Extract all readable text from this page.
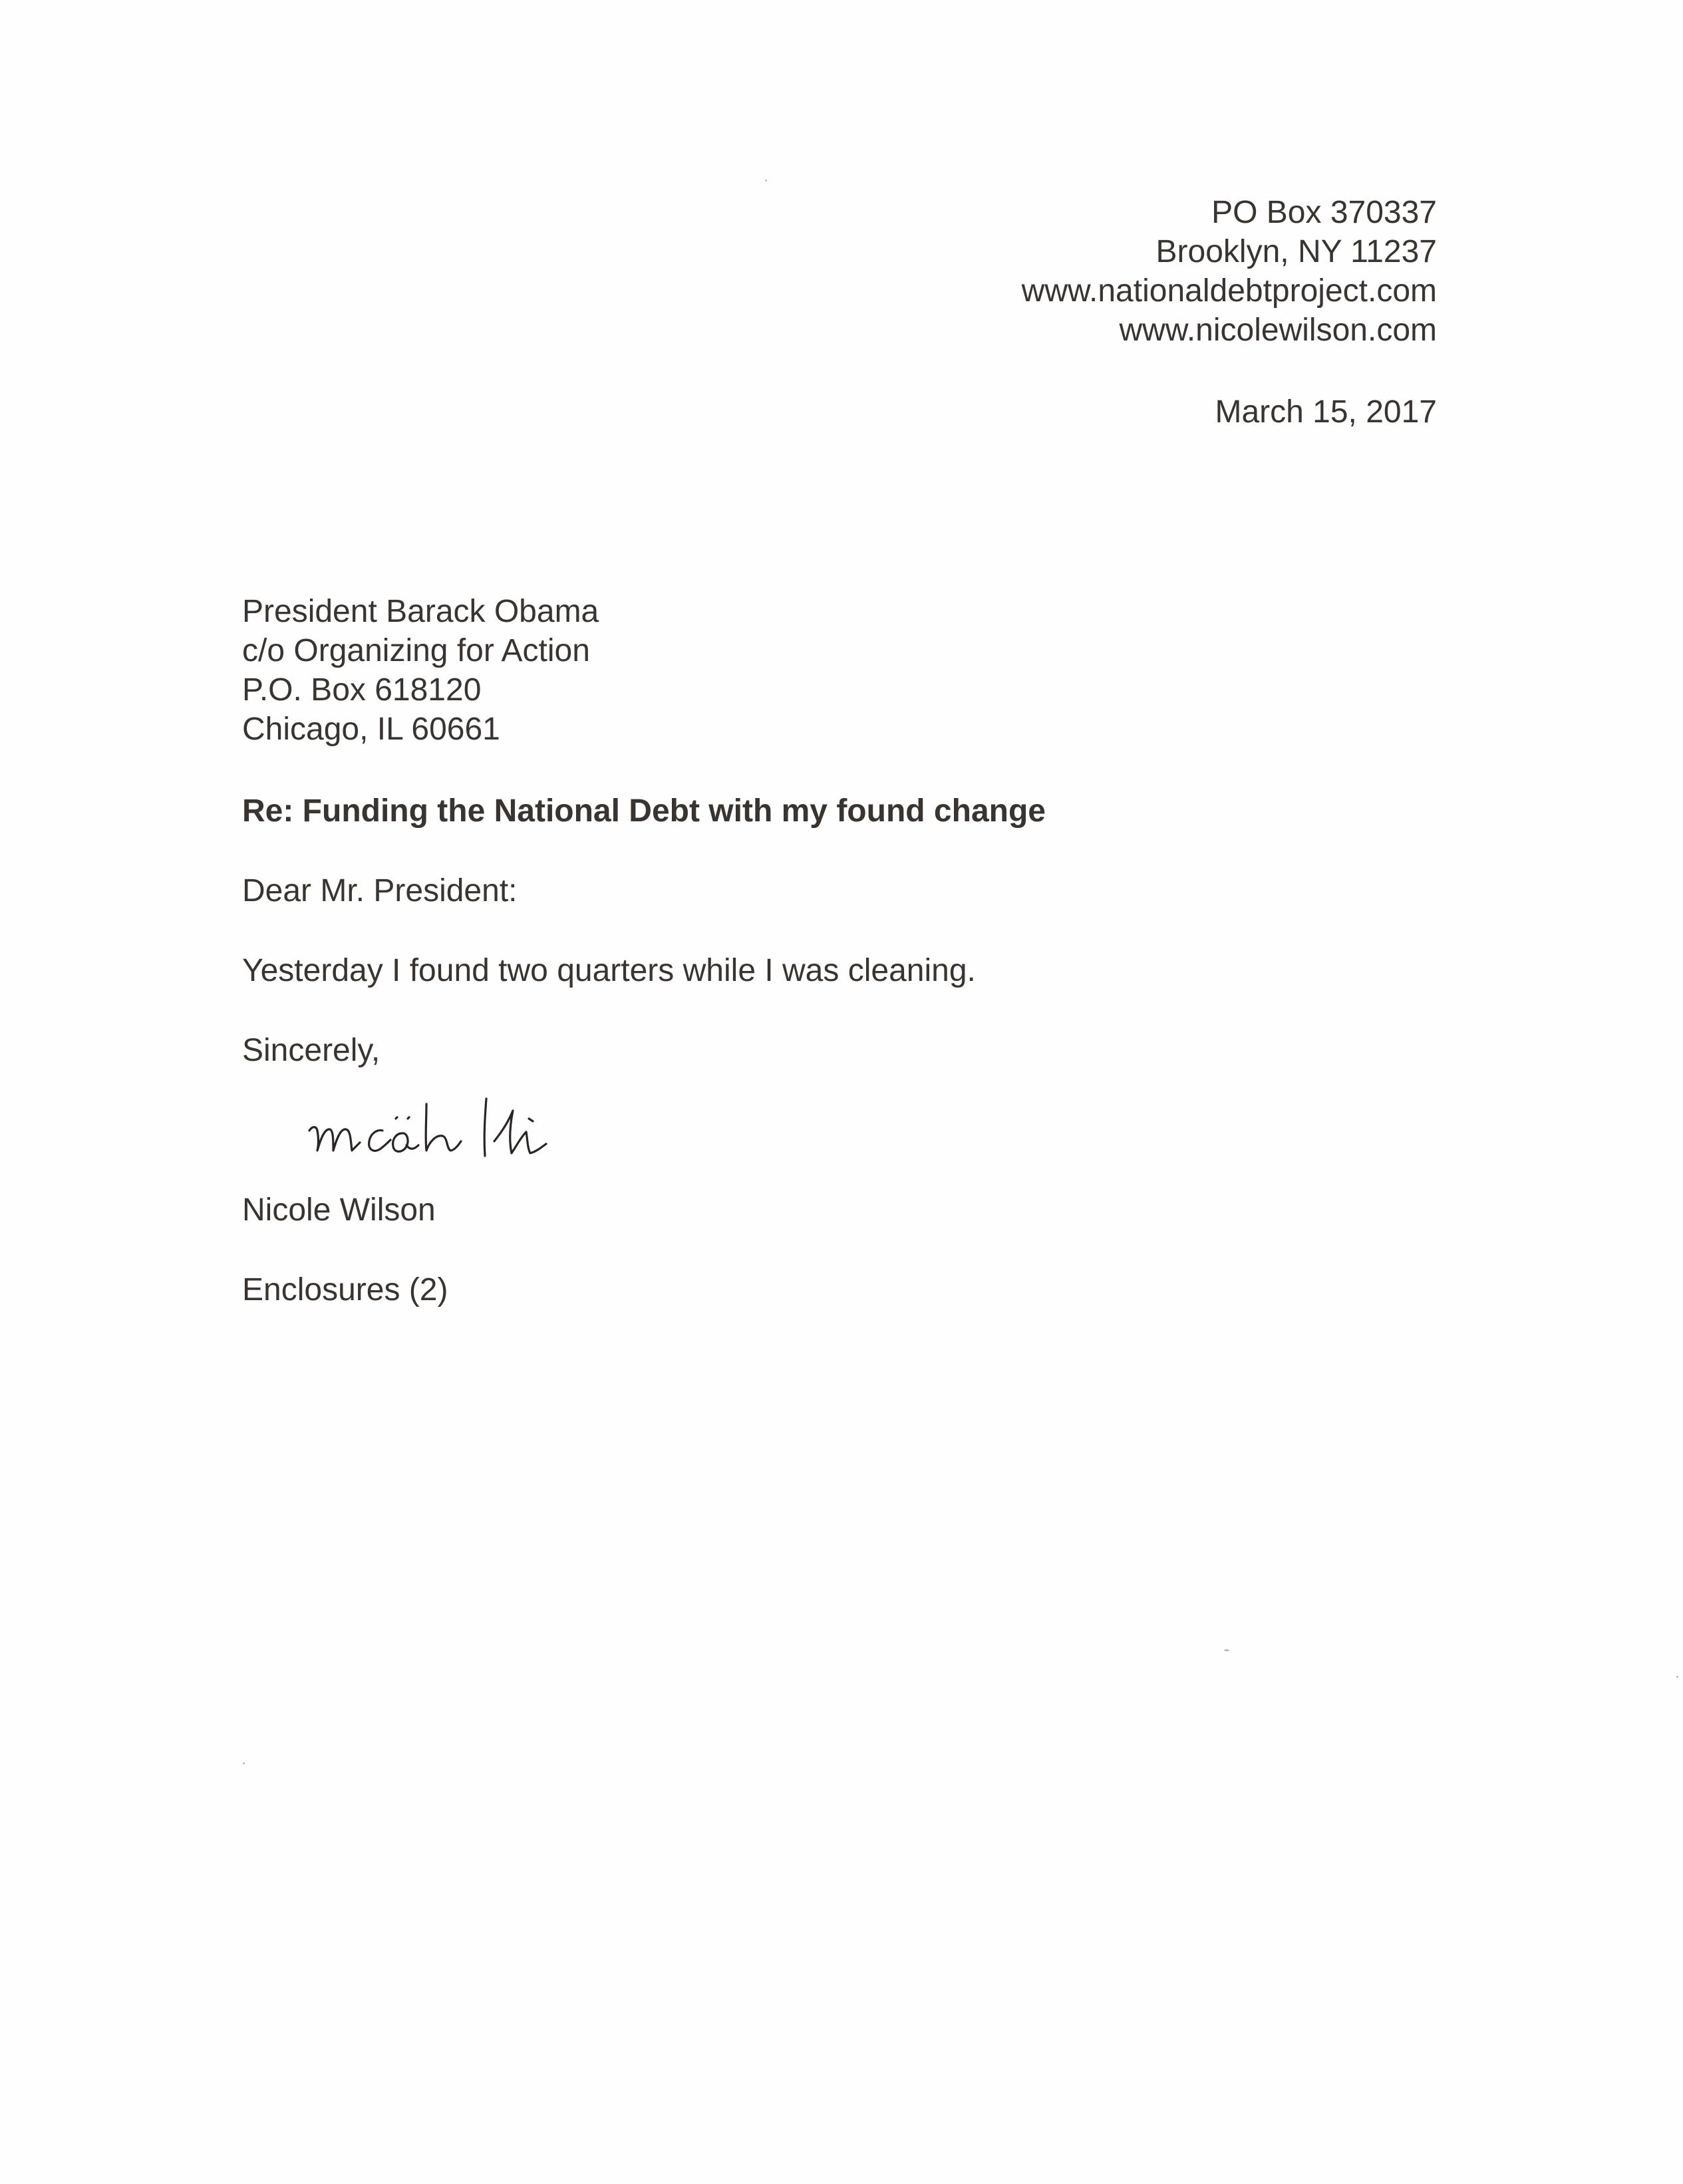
PO Box 370337
Brooklyn, NY 11237
www.nationaldebtproject.com
www.nicolewilson.com
March 15, 2017
President Barack Obama
c/o Organizing for Action
P.O. Box 618120
Chicago, IL 60661
Re: Funding the National Debt with my found change
Dear Mr. President:
Yesterday I found two quarters while I was cleaning.
Sincerely,
Nicole Wilson
Enclosures (2)
